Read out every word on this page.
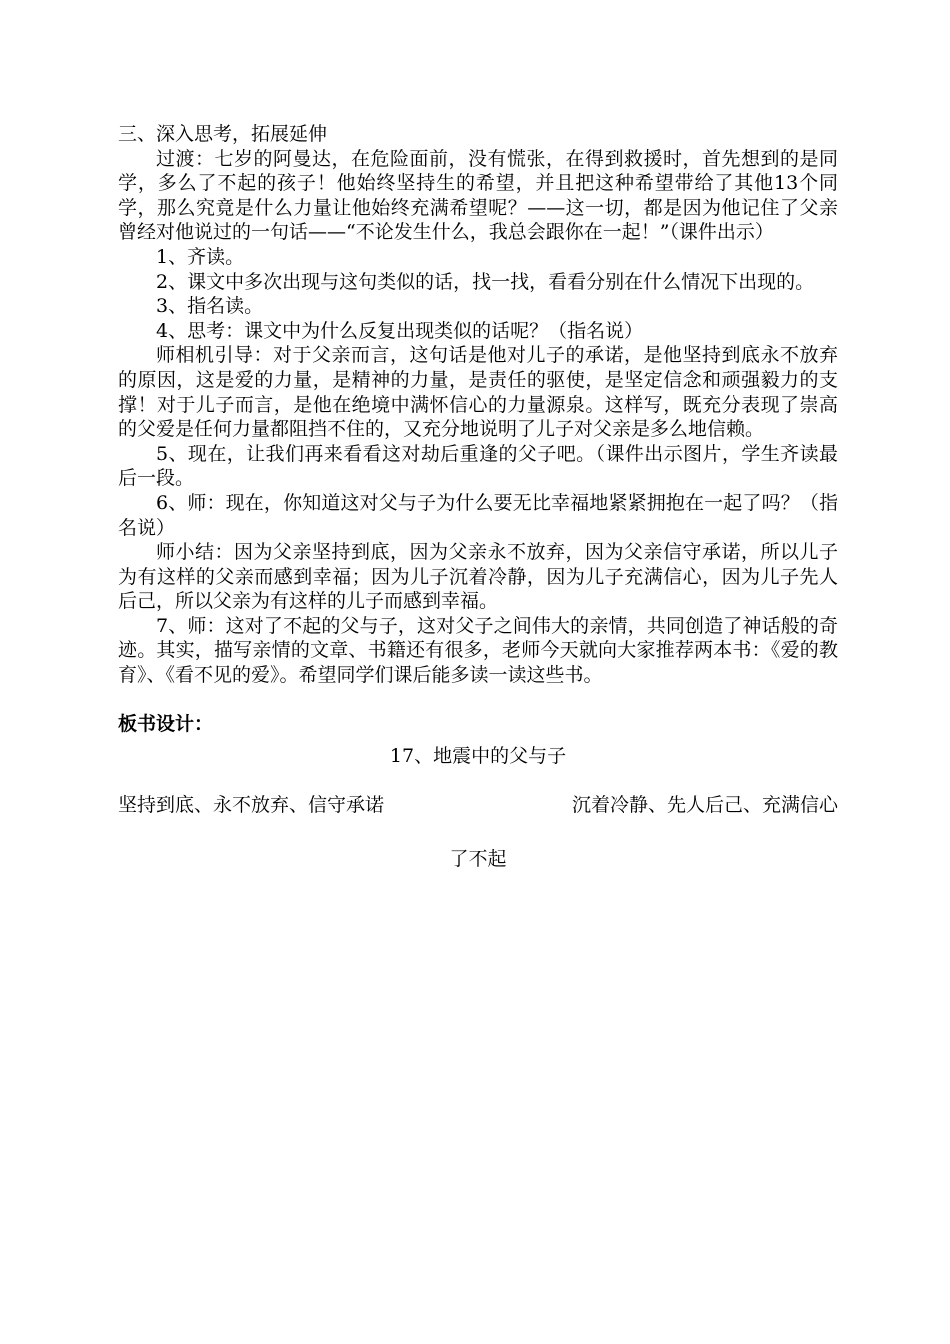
三、深入思考，拓展延伸

过渡：七岁的阿曼达，在危险面前，没有慌张，在得到救援时，首先想到的是同学，多么了不起的孩子！他始终坚持生的希望，并且把这种希望带给了其他13个同学，那么究竟是什么力量让他始终充满希望呢？——这一切，都是因为他记住了父亲曾经对他说过的一句话——“不论发生什么，我总会跟你在一起！”（课件出示）

1、齐读。

2、课文中多次出现与这句类似的话，找一找，看看分别在什么情况下出现的。

3、指名读。

4、思考：课文中为什么反复出现类似的话呢？（指名说）

师相机引导：对于父亲而言，这句话是他对儿子的承诺，是他坚持到底永不放弃的原因，这是爱的力量，是精神的力量，是责任的驱使，是坚定信念和顽强毅力的支撑！对于儿子而言，是他在绝境中满怀信心的力量源泉。这样写，既充分表现了崇高的父爱是任何力量都阻挡不住的，又充分地说明了儿子对父亲是多么地信赖。

5、现在，让我们再来看看这对劫后重逢的父子吧。（课件出示图片，学生齐读最后一段。

6、师：现在，你知道这对父与子为什么要无比幸福地紧紧拥抱在一起了吗？（指名说）

师小结：因为父亲坚持到底，因为父亲永不放弃，因为父亲信守承诺，所以儿子为有这样的父亲而感到幸福；因为儿子沉着冷静，因为儿子充满信心，因为儿子先人后己，所以父亲为有这样的儿子而感到幸福。

7、师：这对了不起的父与子，这对父子之间伟大的亲情，共同创造了神话般的奇迹。其实，描写亲情的文章、书籍还有很多，老师今天就向大家推荐两本书：《爱的教育》、《看不见的爱》。希望同学们课后能多读一读这些书。

板书设计：
17、地震中的父与子
坚持到底、永不放弃、信守承诺	沉着冷静、先人后己、充满信心
了不起
